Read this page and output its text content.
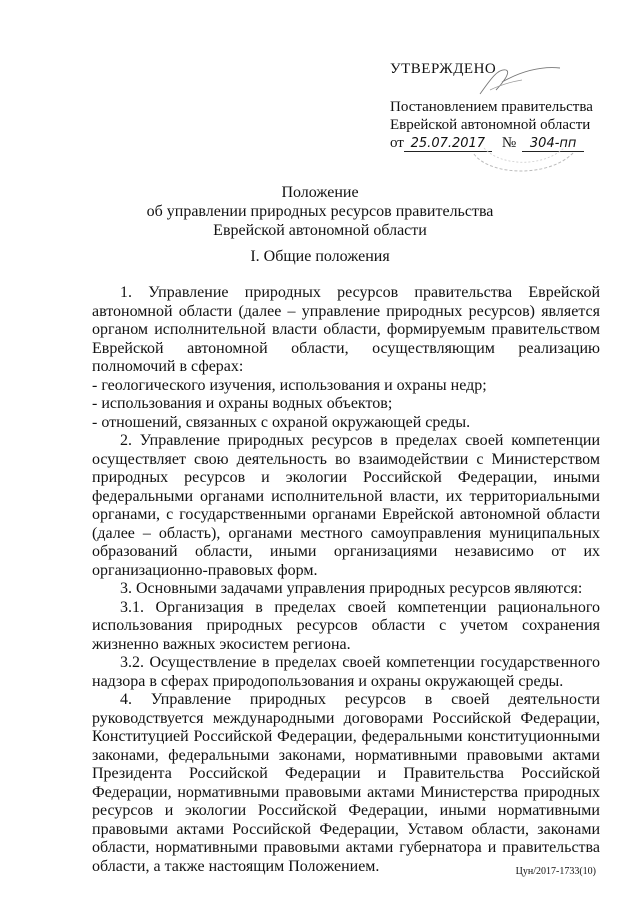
УТВЕРЖДЕНО
Постановлением правительства
Еврейской автономной области
от 25.07.2017	№	304-пп
Положение
об управлении природных ресурсов правительства
Еврейской автономной области
I. Общие положения

1. Управление природных ресурсов правительства Еврейской автономной области (далее – управление природных ресурсов) является органом исполнительной власти области, формируемым правительством Еврейской автономной области, осуществляющим реализацию полномочий в сферах:

- геологического изучения, использования и охраны недр;

- использования и охраны водных объектов;

- отношений, связанных с охраной окружающей среды.

2. Управление природных ресурсов в пределах своей компетенции осуществляет свою деятельность во взаимодействии с Министерством природных ресурсов и экологии Российской Федерации, иными федеральными органами исполнительной власти, их территориальными органами, с государственными органами Еврейской автономной области (далее – область), органами местного самоуправления муниципальных образований области, иными организациями независимо от их организационно-правовых форм.

3. Основными задачами управления природных ресурсов являются:

3.1. Организация в пределах своей компетенции рационального использования природных ресурсов области с учетом сохранения жизненно важных экосистем региона.

3.2. Осуществление в пределах своей компетенции государственного надзора в сферах природопользования и охраны окружающей среды.

4. Управление природных ресурсов в своей деятельности руководствуется международными договорами Российской Федерации, Конституцией Российской Федерации, федеральными конституционными законами, федеральными законами, нормативными правовыми актами Президента Российской Федерации и Правительства Российской Федерации, нормативными правовыми актами Министерства природных ресурсов и экологии Российской Федерации, иными нормативными правовыми актами Российской Федерации, Уставом области, законами области, нормативными правовыми актами губернатора и правительства области, а также настоящим Положением.	Цун/2017-1733(10)
